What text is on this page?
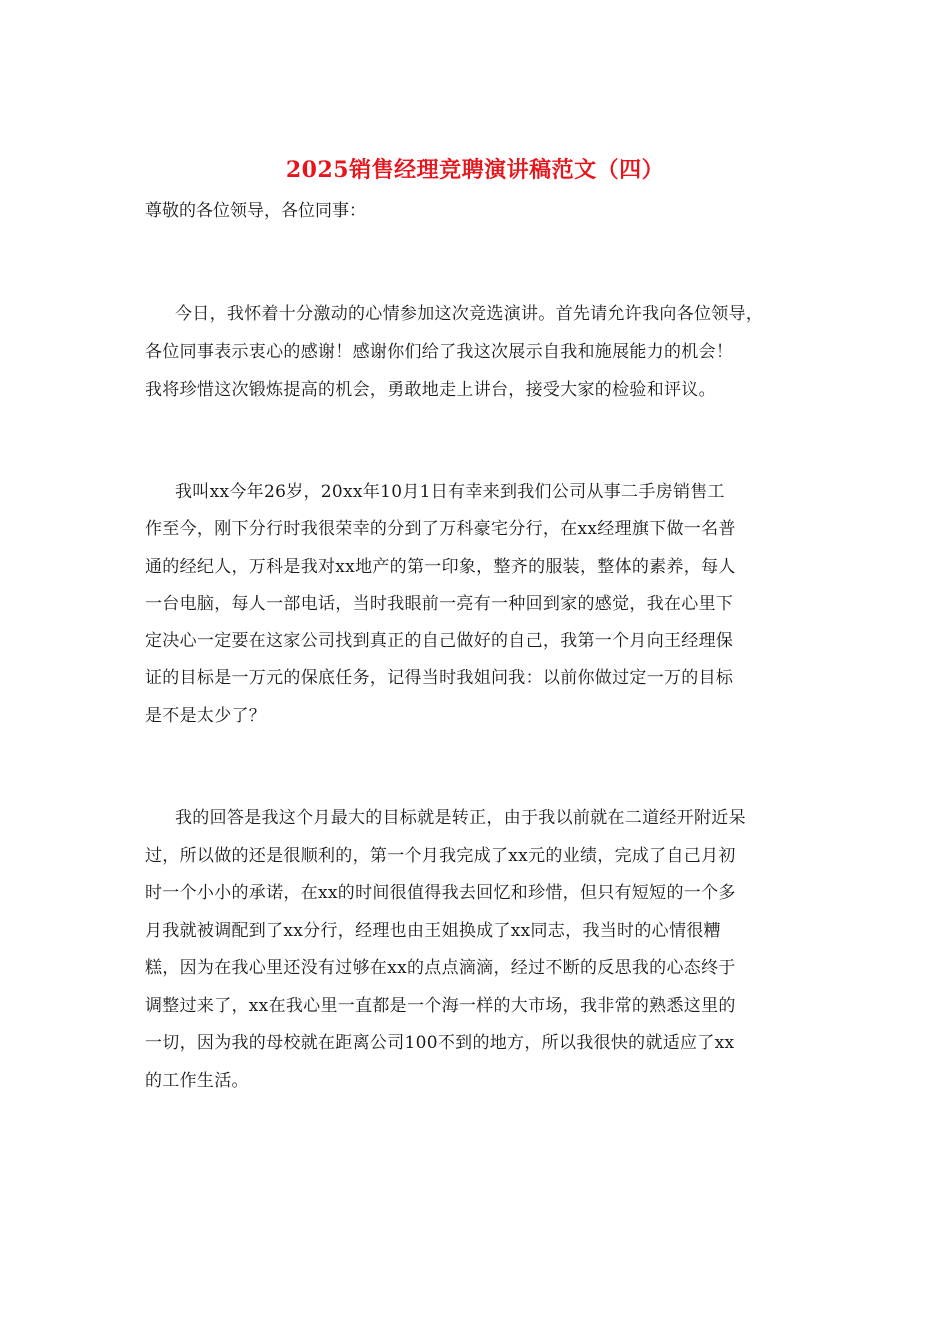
2025销售经理竞聘演讲稿范文（四）
尊敬的各位领导，各位同事：
今日，我怀着十分激动的心情参加这次竞选演讲。首先请允许我向各位领导，
各位同事表示衷心的感谢！感谢你们给了我这次展示自我和施展能力的机会！
我将珍惜这次锻炼提高的机会，勇敢地走上讲台，接受大家的检验和评议。
我叫xx今年26岁，20xx年10月1日有幸来到我们公司从事二手房销售工
作至今，刚下分行时我很荣幸的分到了万科豪宅分行，在xx经理旗下做一名普
通的经纪人，万科是我对xx地产的第一印象，整齐的服装，整体的素养，每人
一台电脑，每人一部电话，当时我眼前一亮有一种回到家的感觉，我在心里下
定决心一定要在这家公司找到真正的自己做好的自己，我第一个月向王经理保
证的目标是一万元的保底任务，记得当时我姐问我：以前你做过定一万的目标
是不是太少了？
我的回答是我这个月最大的目标就是转正，由于我以前就在二道经开附近呆
过，所以做的还是很顺利的，第一个月我完成了xx元的业绩，完成了自己月初
时一个小小的承诺，在xx的时间很值得我去回忆和珍惜，但只有短短的一个多
月我就被调配到了xx分行，经理也由王姐换成了xx同志，我当时的心情很糟
糕，因为在我心里还没有过够在xx的点点滴滴，经过不断的反思我的心态终于
调整过来了，xx在我心里一直都是一个海一样的大市场，我非常的熟悉这里的
一切，因为我的母校就在距离公司100不到的地方，所以我很快的就适应了xx
的工作生活。
